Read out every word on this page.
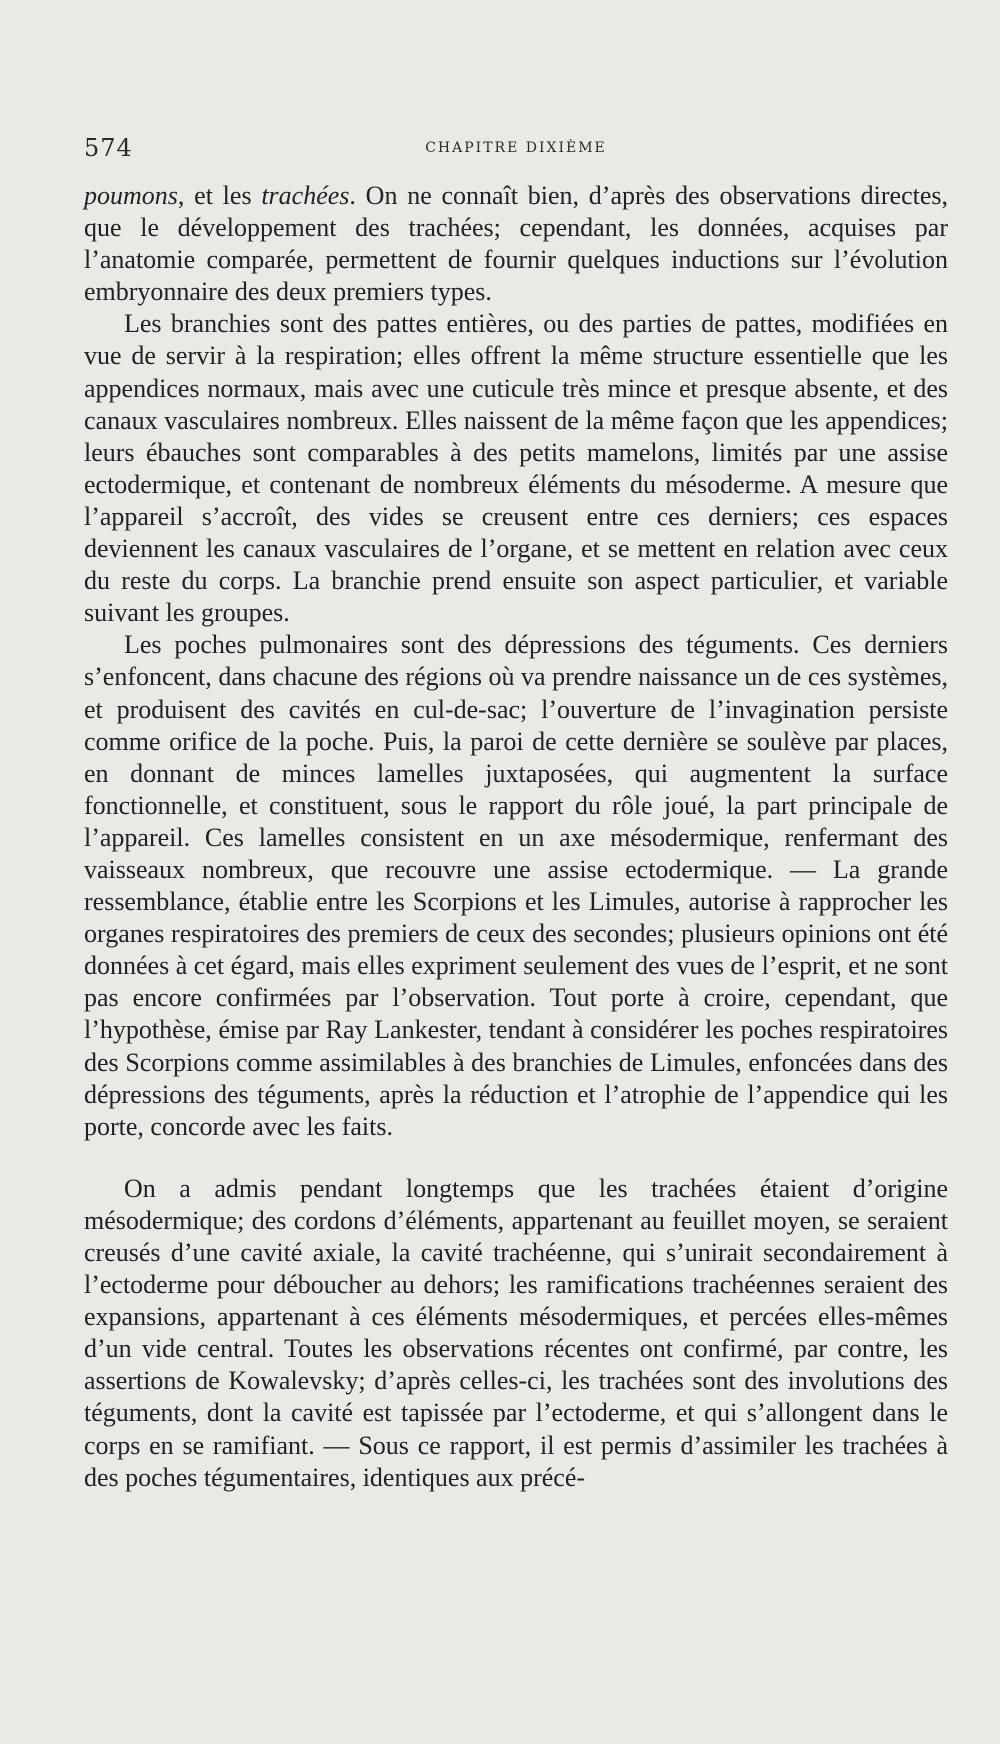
574	CHAPITRE DIXIÈME

poumons, et les trachées. On ne connaît bien, d’après des observations directes, que le développement des trachées; cependant, les données, acquises par l’anatomie comparée, permettent de fournir quelques inductions sur l’évolution embryonnaire des deux premiers types.

Les branchies sont des pattes entières, ou des parties de pattes, modifiées en vue de servir à la respiration; elles offrent la même structure essentielle que les appendices normaux, mais avec une cuticule très mince et presque absente, et des canaux vasculaires nombreux. Elles naissent de la même façon que les appendices; leurs ébauches sont comparables à des petits mamelons, limités par une assise ectodermique, et contenant de nombreux éléments du mésoderme. A mesure que l’appareil s’accroît, des vides se creusent entre ces derniers; ces espaces deviennent les canaux vasculaires de l’organe, et se mettent en relation avec ceux du reste du corps. La branchie prend ensuite son aspect particulier, et variable suivant les groupes.

Les poches pulmonaires sont des dépressions des téguments. Ces derniers s’enfoncent, dans chacune des régions où va prendre naissance un de ces systèmes, et produisent des cavités en cul-de-sac; l’ouverture de l’invagination persiste comme orifice de la poche. Puis, la paroi de cette dernière se soulève par places, en donnant de minces lamelles juxtaposées, qui augmentent la surface fonctionnelle, et constituent, sous le rapport du rôle joué, la part principale de l’appareil. Ces lamelles consistent en un axe mésodermique, renfermant des vaisseaux nombreux, que recouvre une assise ectodermique. — La grande ressemblance, établie entre les Scorpions et les Limules, autorise à rapprocher les organes respiratoires des premiers de ceux des secondes; plusieurs opinions ont été données à cet égard, mais elles expriment seulement des vues de l’esprit, et ne sont pas encore confirmées par l’observation. Tout porte à croire, cependant, que l’hypothèse, émise par Ray Lankester, tendant à considérer les poches respiratoires des Scorpions comme assimilables à des branchies de Limules, enfoncées dans des dépressions des téguments, après la réduction et l’atrophie de l’appendice qui les porte, concorde avec les faits.

On a admis pendant longtemps que les trachées étaient d’origine mésodermique; des cordons d’éléments, appartenant au feuillet moyen, se seraient creusés d’une cavité axiale, la cavité trachéenne, qui s’unirait secondairement à l’ectoderme pour déboucher au dehors; les ramifications trachéennes seraient des expansions, appartenant à ces éléments mésodermiques, et percées elles-mêmes d’un vide central. Toutes les observations récentes ont confirmé, par contre, les assertions de Kowalevsky; d’après celles-ci, les trachées sont des involutions des téguments, dont la cavité est tapissée par l’ectoderme, et qui s’allongent dans le corps en se ramifiant. — Sous ce rapport, il est permis d’assimiler les trachées à des poches tégumentaires, identiques aux précé-
